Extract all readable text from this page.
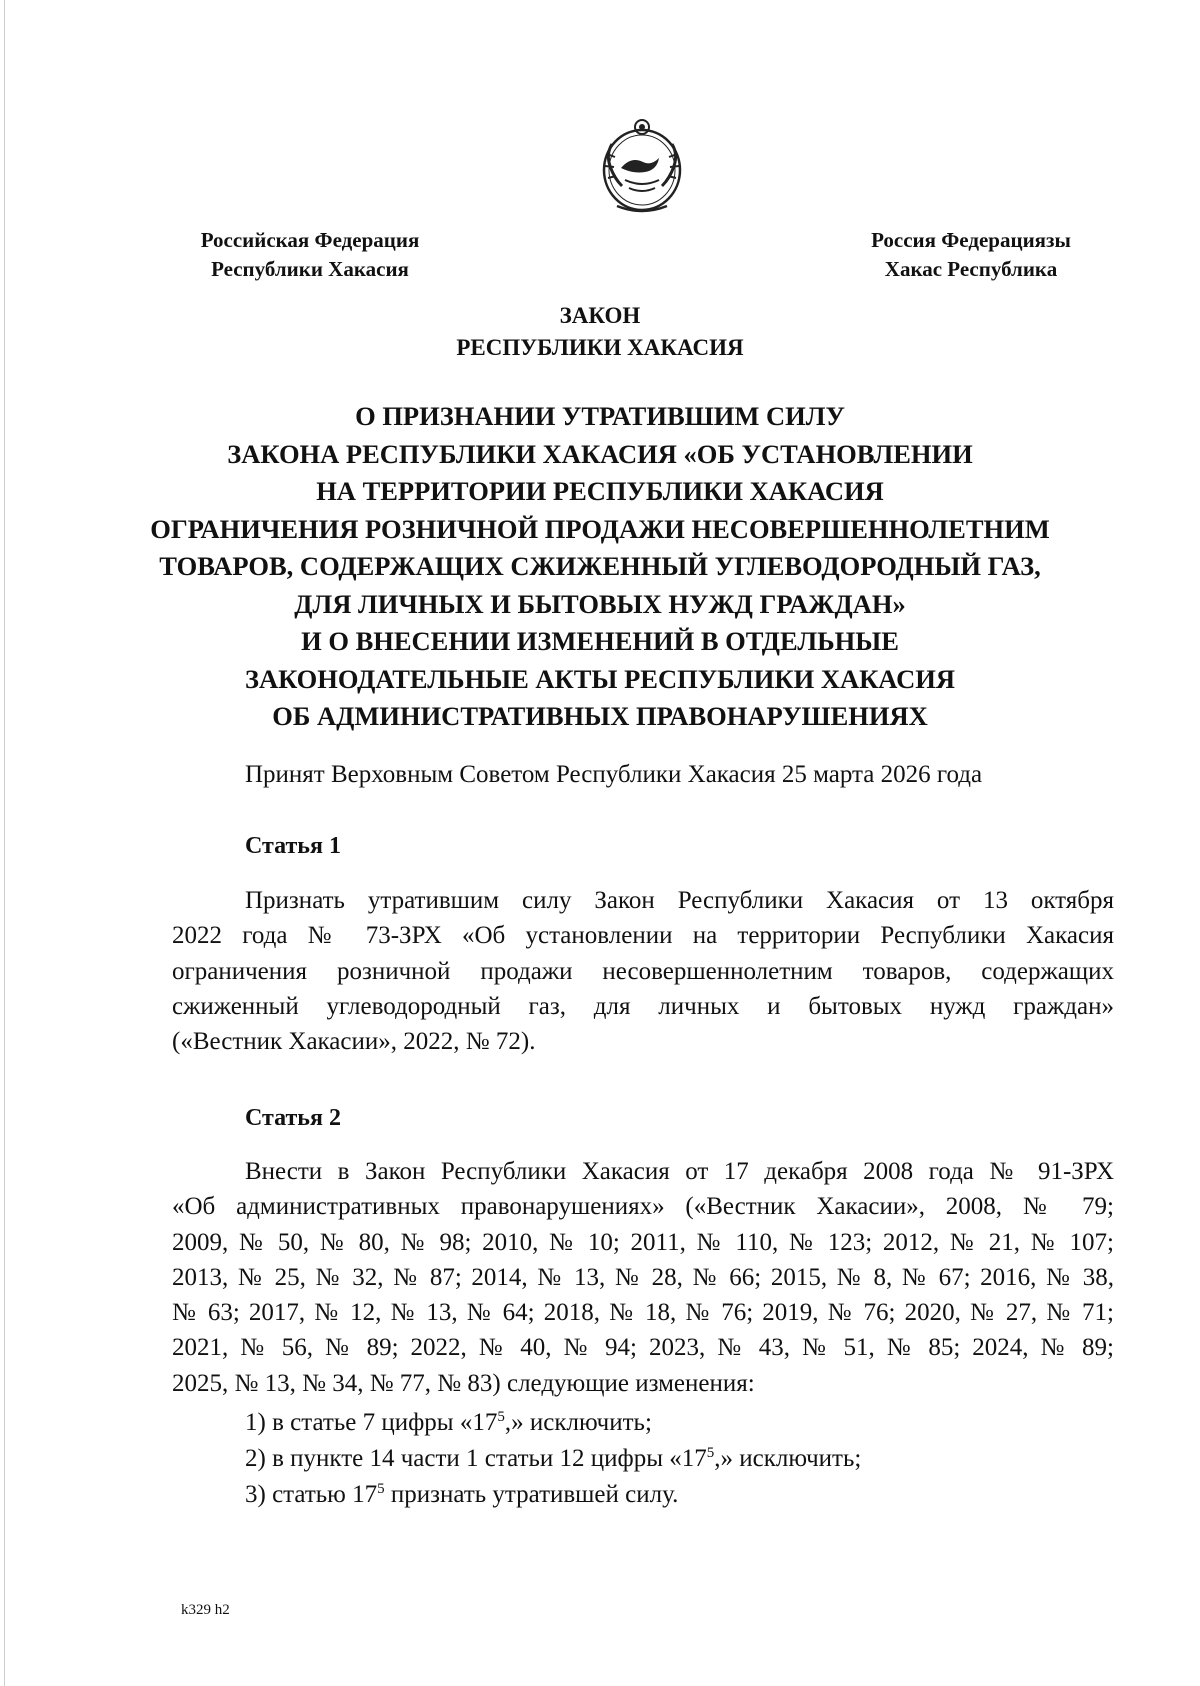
Российская Федерация
Республики Хакасия
Россия Федерациязы
Хакас Республика
ЗАКОН
РЕСПУБЛИКИ ХАКАСИЯ
О ПРИЗНАНИИ УТРАТИВШИМ СИЛУ
ЗАКОНА РЕСПУБЛИКИ ХАКАСИЯ «ОБ УСТАНОВЛЕНИИ
НА ТЕРРИТОРИИ РЕСПУБЛИКИ ХАКАСИЯ
ОГРАНИЧЕНИЯ РОЗНИЧНОЙ ПРОДАЖИ НЕСОВЕРШЕННОЛЕТНИМ
ТОВАРОВ, СОДЕРЖАЩИХ СЖИЖЕННЫЙ УГЛЕВОДОРОДНЫЙ ГАЗ,
ДЛЯ ЛИЧНЫХ И БЫТОВЫХ НУЖД ГРАЖДАН»
И О ВНЕСЕНИИ ИЗМЕНЕНИЙ В ОТДЕЛЬНЫЕ
ЗАКОНОДАТЕЛЬНЫЕ АКТЫ РЕСПУБЛИКИ ХАКАСИЯ
ОБ АДМИНИСТРАТИВНЫХ ПРАВОНАРУШЕНИЯХ
Принят Верховным Советом Республики Хакасия 25 марта 2026 года
Статья 1
Признать утратившим силу Закон Республики Хакасия от 13 октября
2022 года № 73-ЗРХ «Об установлении на территории Республики Хакасия
ограничения розничной продажи несовершеннолетним товаров, содержащих
сжиженный углеводородный газ, для личных и бытовых нужд граждан»
(«Вестник Хакасии», 2022, № 72).
Статья 2
Внести в Закон Республики Хакасия от 17 декабря 2008 года № 91-ЗРХ
«Об административных правонарушениях» («Вестник Хакасии», 2008, № 79;
2009, № 50, № 80, № 98; 2010, № 10; 2011, № 110, № 123; 2012, № 21, № 107;
2013, № 25, № 32, № 87; 2014, № 13, № 28, № 66; 2015, № 8, № 67; 2016, № 38,
№ 63; 2017, № 12, № 13, № 64; 2018, № 18, № 76; 2019, № 76; 2020, № 27, № 71;
2021, № 56, № 89; 2022, № 40, № 94; 2023, № 43, № 51, № 85; 2024, № 89;
2025, № 13, № 34, № 77, № 83) следующие изменения:
1) в статье 7 цифры «$17^5$,» исключить;
2) в пункте 14 части 1 статьи 12 цифры «$17^5$,» исключить;
3) статью $17^5$ признать утратившей силу.
k329 h2
